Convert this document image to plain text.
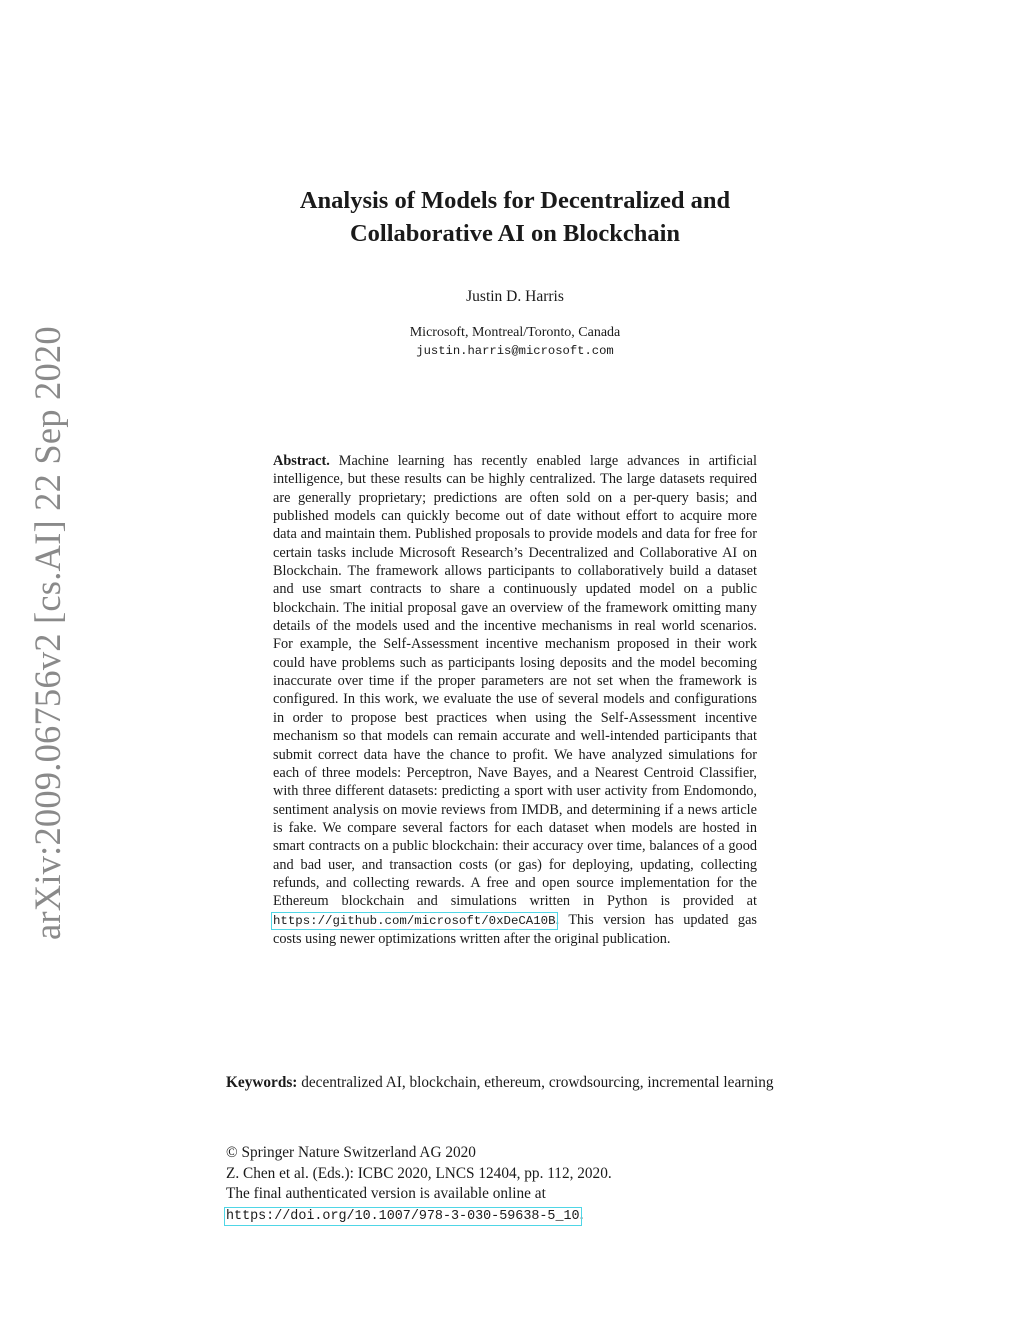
arXiv:2009.06756v2 [cs.AI] 22 Sep 2020
Analysis of Models for Decentralized and
Collaborative AI on Blockchain
Justin D. Harris
Microsoft, Montreal/Toronto, Canada
justin.harris@microsoft.com
Abstract. Machine learning has recently enabled large advances in artificial intelligence, but these results can be highly centralized. The large datasets required are generally proprietary; predictions are often sold on a per-query basis; and published models can quickly become out of date without effort to acquire more data and maintain them. Published proposals to provide models and data for free for certain tasks include Microsoft Research’s Decentralized and Collaborative AI on Blockchain. The framework allows participants to collaboratively build a dataset and use smart contracts to share a continuously updated model on a public blockchain. The initial proposal gave an overview of the framework omitting many details of the models used and the incentive mechanisms in real world scenarios. For example, the Self-Assessment incentive mechanism proposed in their work could have problems such as participants losing deposits and the model becoming inaccurate over time if the proper parameters are not set when the framework is configured. In this work, we evaluate the use of several models and configurations in order to propose best practices when using the Self-Assessment incentive mechanism so that models can remain accurate and well-intended participants that submit correct data have the chance to profit. We have analyzed simulations for each of three models: Perceptron, Nave Bayes, and a Nearest Centroid Classifier, with three different datasets: predicting a sport with user activity from Endomondo, sentiment analysis on movie reviews from IMDB, and determining if a news article is fake. We compare several factors for each dataset when models are hosted in smart contracts on a public blockchain: their accuracy over time, balances of a good and bad user, and transaction costs (or gas) for deploying, updating, collecting refunds, and collecting rewards. A free and open source implementation for the Ethereum blockchain and simulations written in Python is provided at https://github.com/microsoft/0xDeCA10B. This version has updated gas costs using newer optimizations written after the original publication.
Keywords: decentralized AI, blockchain, ethereum, crowdsourcing, incremental learning
© Springer Nature Switzerland AG 2020
Z. Chen et al. (Eds.): ICBC 2020, LNCS 12404, pp. 112, 2020.
The final authenticated version is available online at
https://doi.org/10.1007/978-3-030-59638-5_10.
